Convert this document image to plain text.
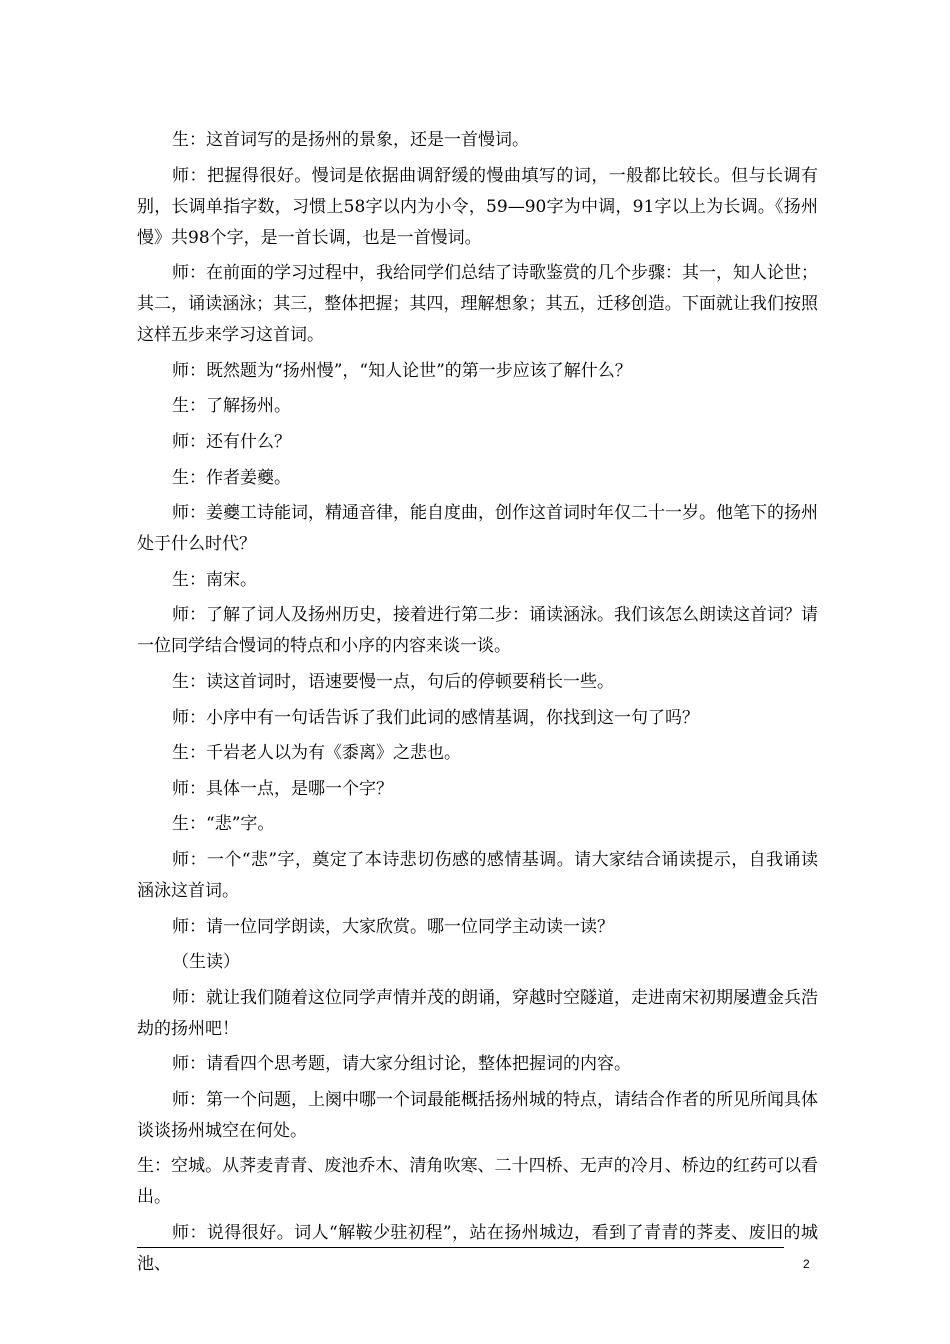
生：这首词写的是扬州的景象，还是一首慢词。

师：把握得很好。慢词是依据曲调舒缓的慢曲填写的词，一般都比较长。但与长调有别，长调单指字数，习惯上58字以内为小令，59—90字为中调，91字以上为长调。《扬州慢》共98个字，是一首长调，也是一首慢词。

师：在前面的学习过程中，我给同学们总结了诗歌鉴赏的几个步骤：其一，知人论世；其二，诵读涵泳；其三，整体把握；其四，理解想象；其五，迁移创造。下面就让我们按照这样五步来学习这首词。

师：既然题为“扬州慢”，“知人论世”的第一步应该了解什么？

生：了解扬州。

师：还有什么？

生：作者姜夔。

师：姜夔工诗能词，精通音律，能自度曲，创作这首词时年仅二十一岁。他笔下的扬州处于什么时代？

生：南宋。

师：了解了词人及扬州历史，接着进行第二步：诵读涵泳。我们该怎么朗读这首词？请一位同学结合慢词的特点和小序的内容来谈一谈。

生：读这首词时，语速要慢一点，句后的停顿要稍长一些。

师：小序中有一句话告诉了我们此词的感情基调，你找到这一句了吗？

生：千岩老人以为有《黍离》之悲也。

师：具体一点，是哪一个字？

生：“悲”字。

师：一个“悲”字，奠定了本诗悲切伤感的感情基调。请大家结合诵读提示，自我诵读涵泳这首词。

师：请一位同学朗读，大家欣赏。哪一位同学主动读一读？

（生读）

师：就让我们随着这位同学声情并茂的朗诵，穿越时空隧道，走进南宋初期屡遭金兵浩劫的扬州吧！

师：请看四个思考题，请大家分组讨论，整体把握词的内容。

师：第一个问题，上阕中哪一个词最能概括扬州城的特点，请结合作者的所见所闻具体谈谈扬州城空在何处。

生：空城。从荠麦青青、废池乔木、清角吹寒、二十四桥、无声的冷月、桥边的红药可以看出。

师：说得很好。词人“解鞍少驻初程”，站在扬州城边，看到了青青的荠麦、废旧的城池、	2
